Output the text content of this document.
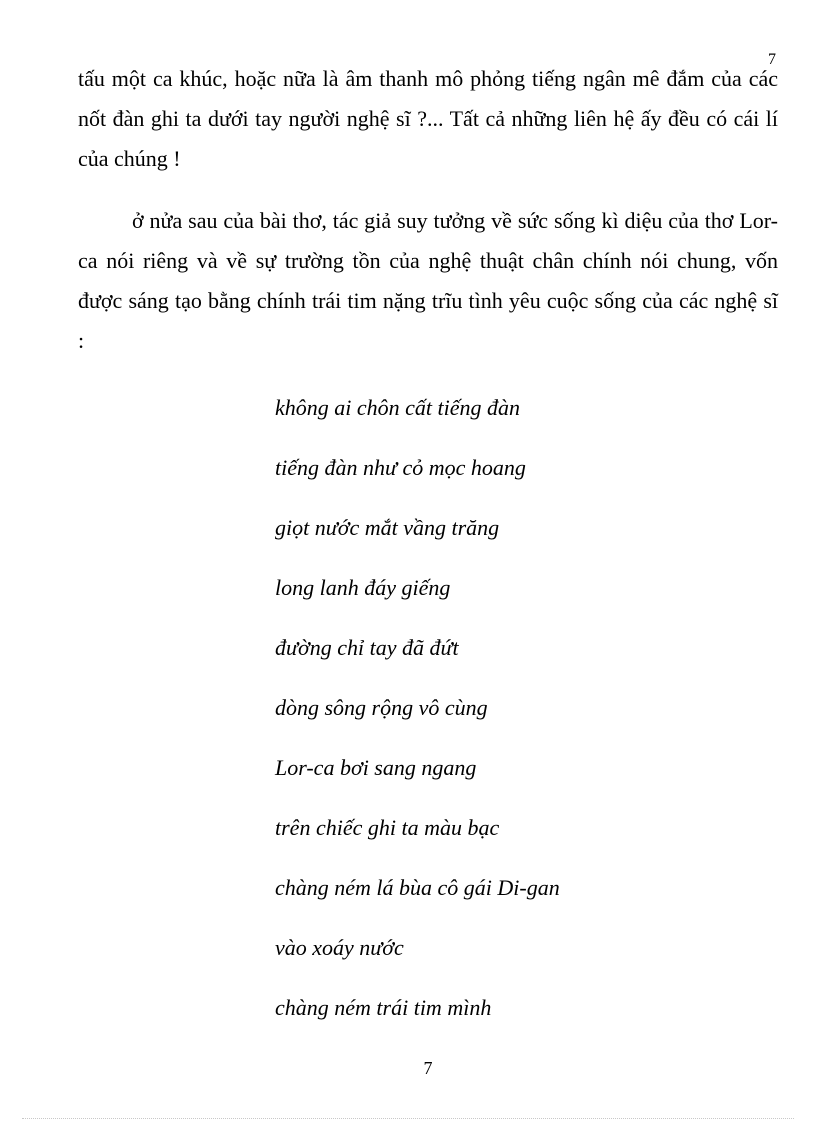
7

tấu một ca khúc, hoặc nữa là âm thanh mô phỏng tiếng ngân mê đắm của các nốt đàn ghi ta dưới tay người nghệ sĩ ?... Tất cả những liên hệ ấy đều có cái lí của chúng !

ở nửa sau của bài thơ, tác giả suy tưởng về sức sống kì diệu của thơ Lor-ca nói riêng và về sự trường tồn của nghệ thuật chân chính nói chung, vốn được sáng tạo bằng chính trái tim nặng trĩu tình yêu cuộc sống của các nghệ sĩ :

không ai chôn cất tiếng đàn
tiếng đàn như cỏ mọc hoang
giọt nước mắt vầng trăng
long lanh đáy giếng
đường chỉ tay đã đứt
dòng sông rộng vô cùng
Lor-ca bơi sang ngang
trên chiếc ghi ta màu bạc
chàng ném lá bùa cô gái Di-gan
vào xoáy nước
chàng ném trái tim mình
7
